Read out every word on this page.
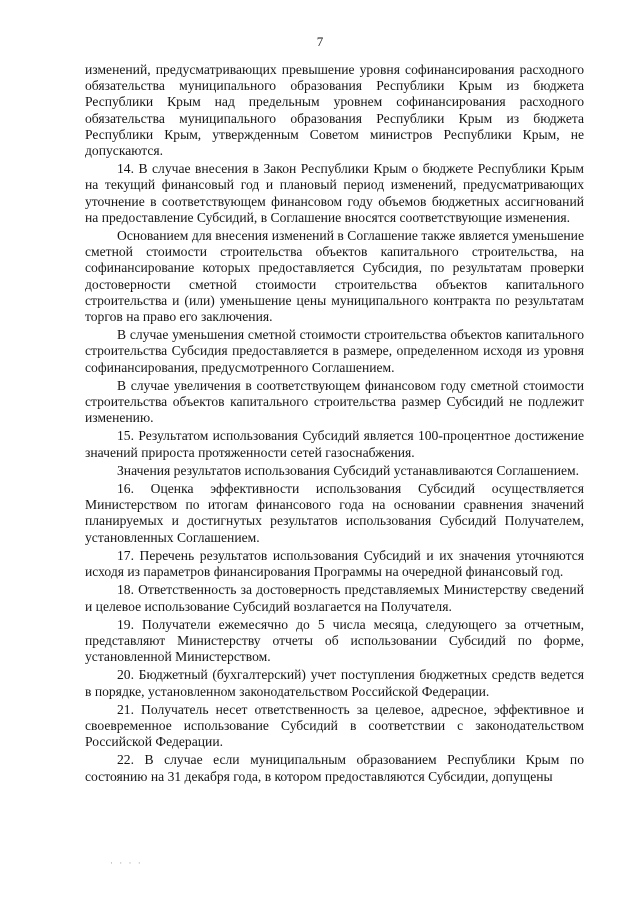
7

изменений, предусматривающих превышение уровня софинансирования расходного обязательства муниципального образования Республики Крым из бюджета Республики Крым над предельным уровнем софинансирования расходного обязательства муниципального образования Республики Крым из бюджета Республики Крым, утвержденным Советом министров Республики Крым, не допускаются.

14. В случае внесения в Закон Республики Крым о бюджете Республики Крым на текущий финансовый год и плановый период изменений, предусматривающих уточнение в соответствующем финансовом году объемов бюджетных ассигнований на предоставление Субсидий, в Соглашение вносятся соответствующие изменения.

Основанием для внесения изменений в Соглашение также является уменьшение сметной стоимости строительства объектов капитального строительства, на софинансирование которых предоставляется Субсидия, по результатам проверки достоверности сметной стоимости строительства объектов капитального строительства и (или) уменьшение цены муниципального контракта по результатам торгов на право его заключения.

В случае уменьшения сметной стоимости строительства объектов капитального строительства Субсидия предоставляется в размере, определенном исходя из уровня софинансирования, предусмотренного Соглашением.

В случае увеличения в соответствующем финансовом году сметной стоимости строительства объектов капитального строительства размер Субсидий не подлежит изменению.

15. Результатом использования Субсидий является 100-процентное достижение значений прироста протяженности сетей газоснабжения.

Значения результатов использования Субсидий устанавливаются Соглашением.

16. Оценка эффективности использования Субсидий осуществляется Министерством по итогам финансового года на основании сравнения значений планируемых и достигнутых результатов использования Субсидий Получателем, установленных Соглашением.

17. Перечень результатов использования Субсидий и их значения уточняются исходя из параметров финансирования Программы на очередной финансовый год.

18. Ответственность за достоверность представляемых Министерству сведений и целевое использование Субсидий возлагается на Получателя.

19. Получатели ежемесячно до 5 числа месяца, следующего за отчетным, представляют Министерству отчеты об использовании Субсидий по форме, установленной Министерством.

20. Бюджетный (бухгалтерский) учет поступления бюджетных средств ведется в порядке, установленном законодательством Российской Федерации.

21. Получатель несет ответственность за целевое, адресное, эффективное и своевременное использование Субсидий в соответствии с законодательством Российской Федерации.

22. В случае если муниципальным образованием Республики Крым по состоянию на 31 декабря года, в котором предоставляются Субсидии, допущены

· · · ·
